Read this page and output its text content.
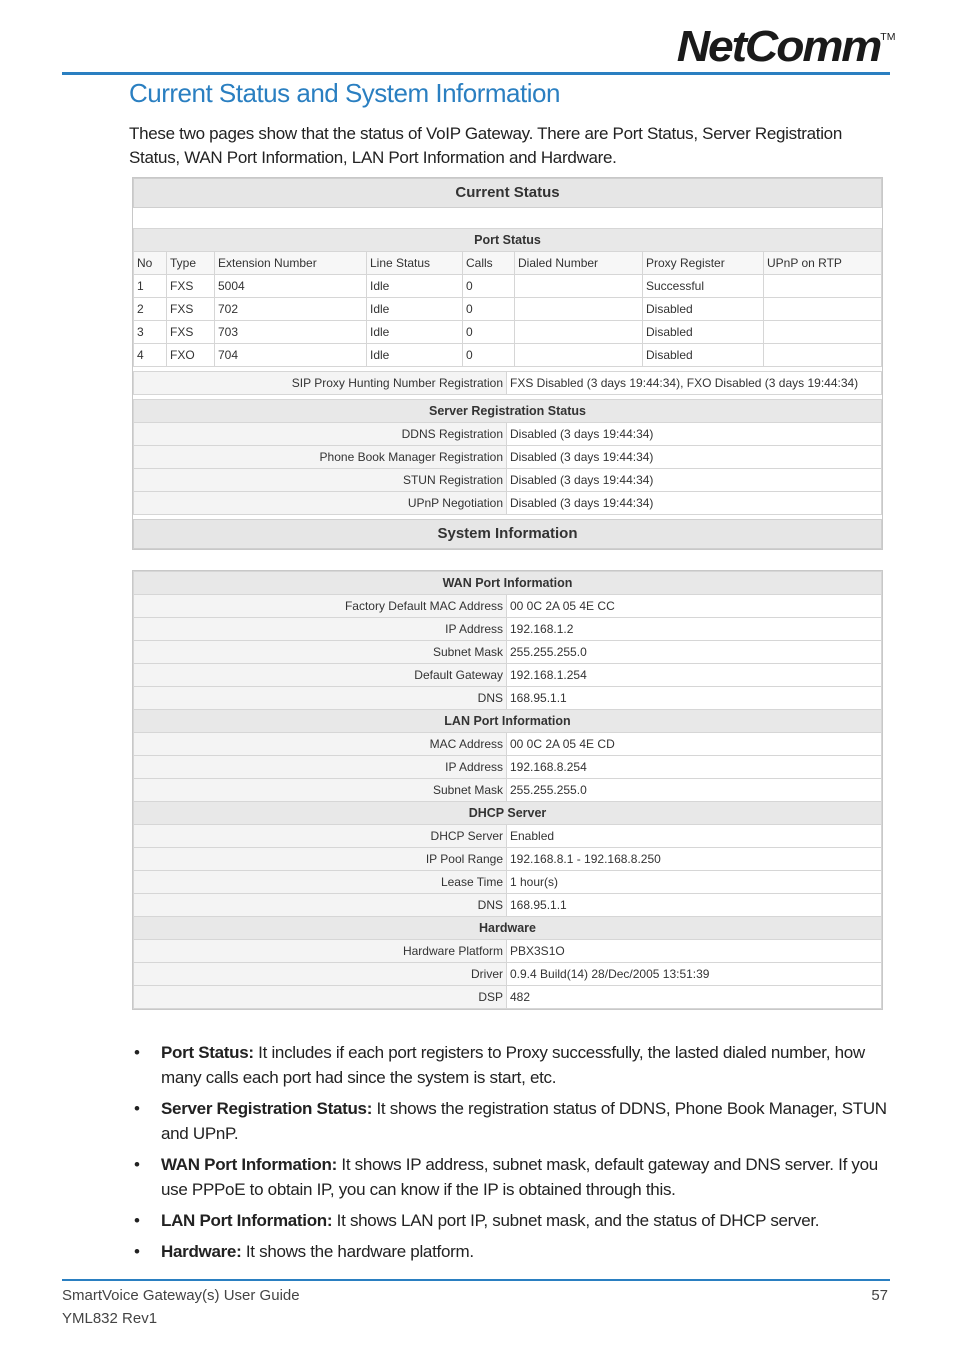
NetComm™
Current Status and System Information
These two pages show that the status of VoIP Gateway. There are Port Status, Server Registration Status, WAN Port Information, LAN Port Information and Hardware.
Current Status
Port Status							
No	Type	Extension Number	Line Status	Calls	Dialed Number	Proxy Register	UPnP on RTP
1	FXS	5004	Idle	0		Successful	
2	FXS	702	Idle	0		Disabled	
3	FXS	703	Idle	0		Disabled	
4	FXO	704	Idle	0		Disabled	
SIP Proxy Hunting Number Registration	FXS Disabled (3 days 19:44:34), FXO Disabled (3 days 19:44:34)
Server Registration Status	
DDNS Registration	Disabled (3 days 19:44:34)
Phone Book Manager Registration	Disabled (3 days 19:44:34)
STUN Registration	Disabled (3 days 19:44:34)
UPnP Negotiation	Disabled (3 days 19:44:34)
System Information
WAN Port Information	
Factory Default MAC Address	00 0C 2A 05 4E CC
IP Address	192.168.1.2
Subnet Mask	255.255.255.0
Default Gateway	192.168.1.254
DNS	168.95.1.1
LAN Port Information	
MAC Address	00 0C 2A 05 4E CD
IP Address	192.168.8.254
Subnet Mask	255.255.255.0
DHCP Server	
DHCP Server	Enabled
IP Pool Range	192.168.8.1 - 192.168.8.250
Lease Time	1 hour(s)
DNS	168.95.1.1
Hardware	
Hardware Platform	PBX3S1O
Driver	0.9.4 Build(14) 28/Dec/2005 13:51:39
DSP	482
• Port Status: It includes if each port registers to Proxy successfully, the lasted dialed number, how many calls each port had since the system is start, etc.
• Server Registration Status: It shows the registration status of DDNS, Phone Book Manager, STUN and UPnP.
• WAN Port Information: It shows IP address, subnet mask, default gateway and DNS server. If you use PPPoE to obtain IP, you can know if the IP is obtained through this.
• LAN Port Information: It shows LAN port IP, subnet mask, and the status of DHCP server.
• Hardware: It shows the hardware platform.
SmartVoice Gateway(s) User Guide
YML832 Rev1
57
